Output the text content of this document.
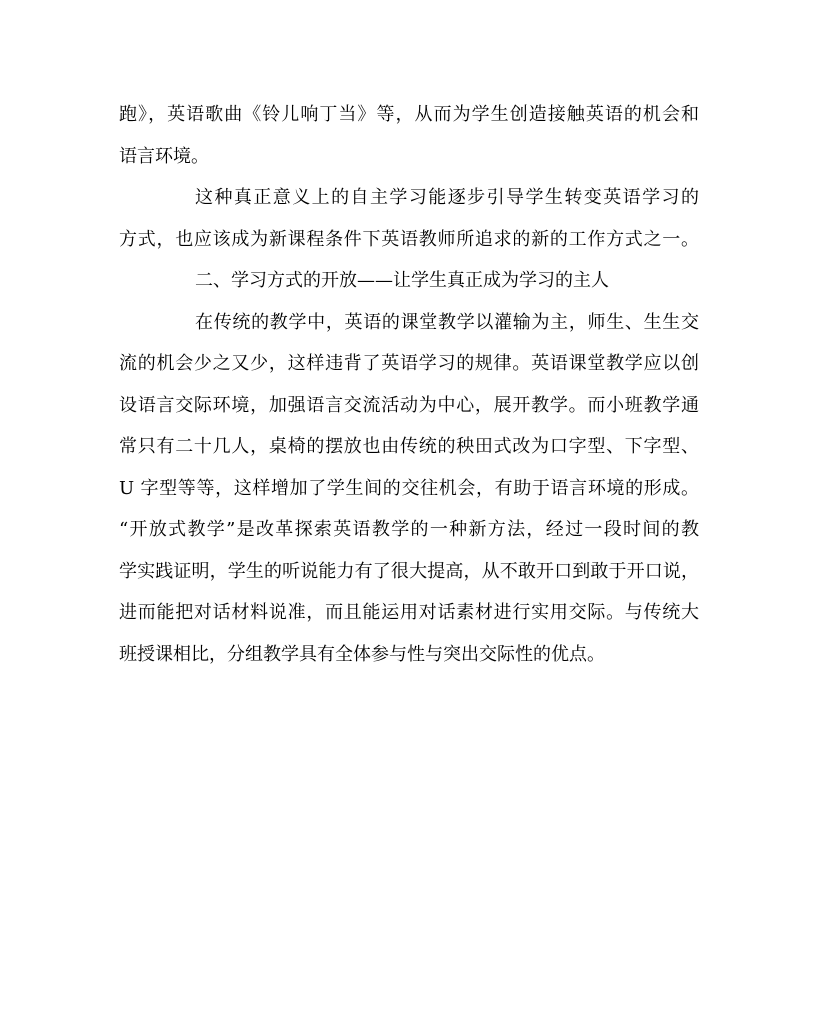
跑》，英语歌曲《铃儿响丁当》等，从而为学生创造接触英语的机会和
语言环境。
这种真正意义上的自主学习能逐步引导学生转变英语学习的
方式，也应该成为新课程条件下英语教师所追求的新的工作方式之一。
二、学习方式的开放——让学生真正成为学习的主人
在传统的教学中，英语的课堂教学以灌输为主，师生、生生交
流的机会少之又少，这样违背了英语学习的规律。英语课堂教学应以创
设语言交际环境，加强语言交流活动为中心，展开教学。而小班教学通
常只有二十几人，桌椅的摆放也由传统的秧田式改为口字型、下字型、
U 字型等等，这样增加了学生间的交往机会，有助于语言环境的形成。
“开放式教学”是改革探索英语教学的一种新方法，经过一段时间的教
学实践证明，学生的听说能力有了很大提高，从不敢开口到敢于开口说，
进而能把对话材料说准，而且能运用对话素材进行实用交际。与传统大
班授课相比，分组教学具有全体参与性与突出交际性的优点。
